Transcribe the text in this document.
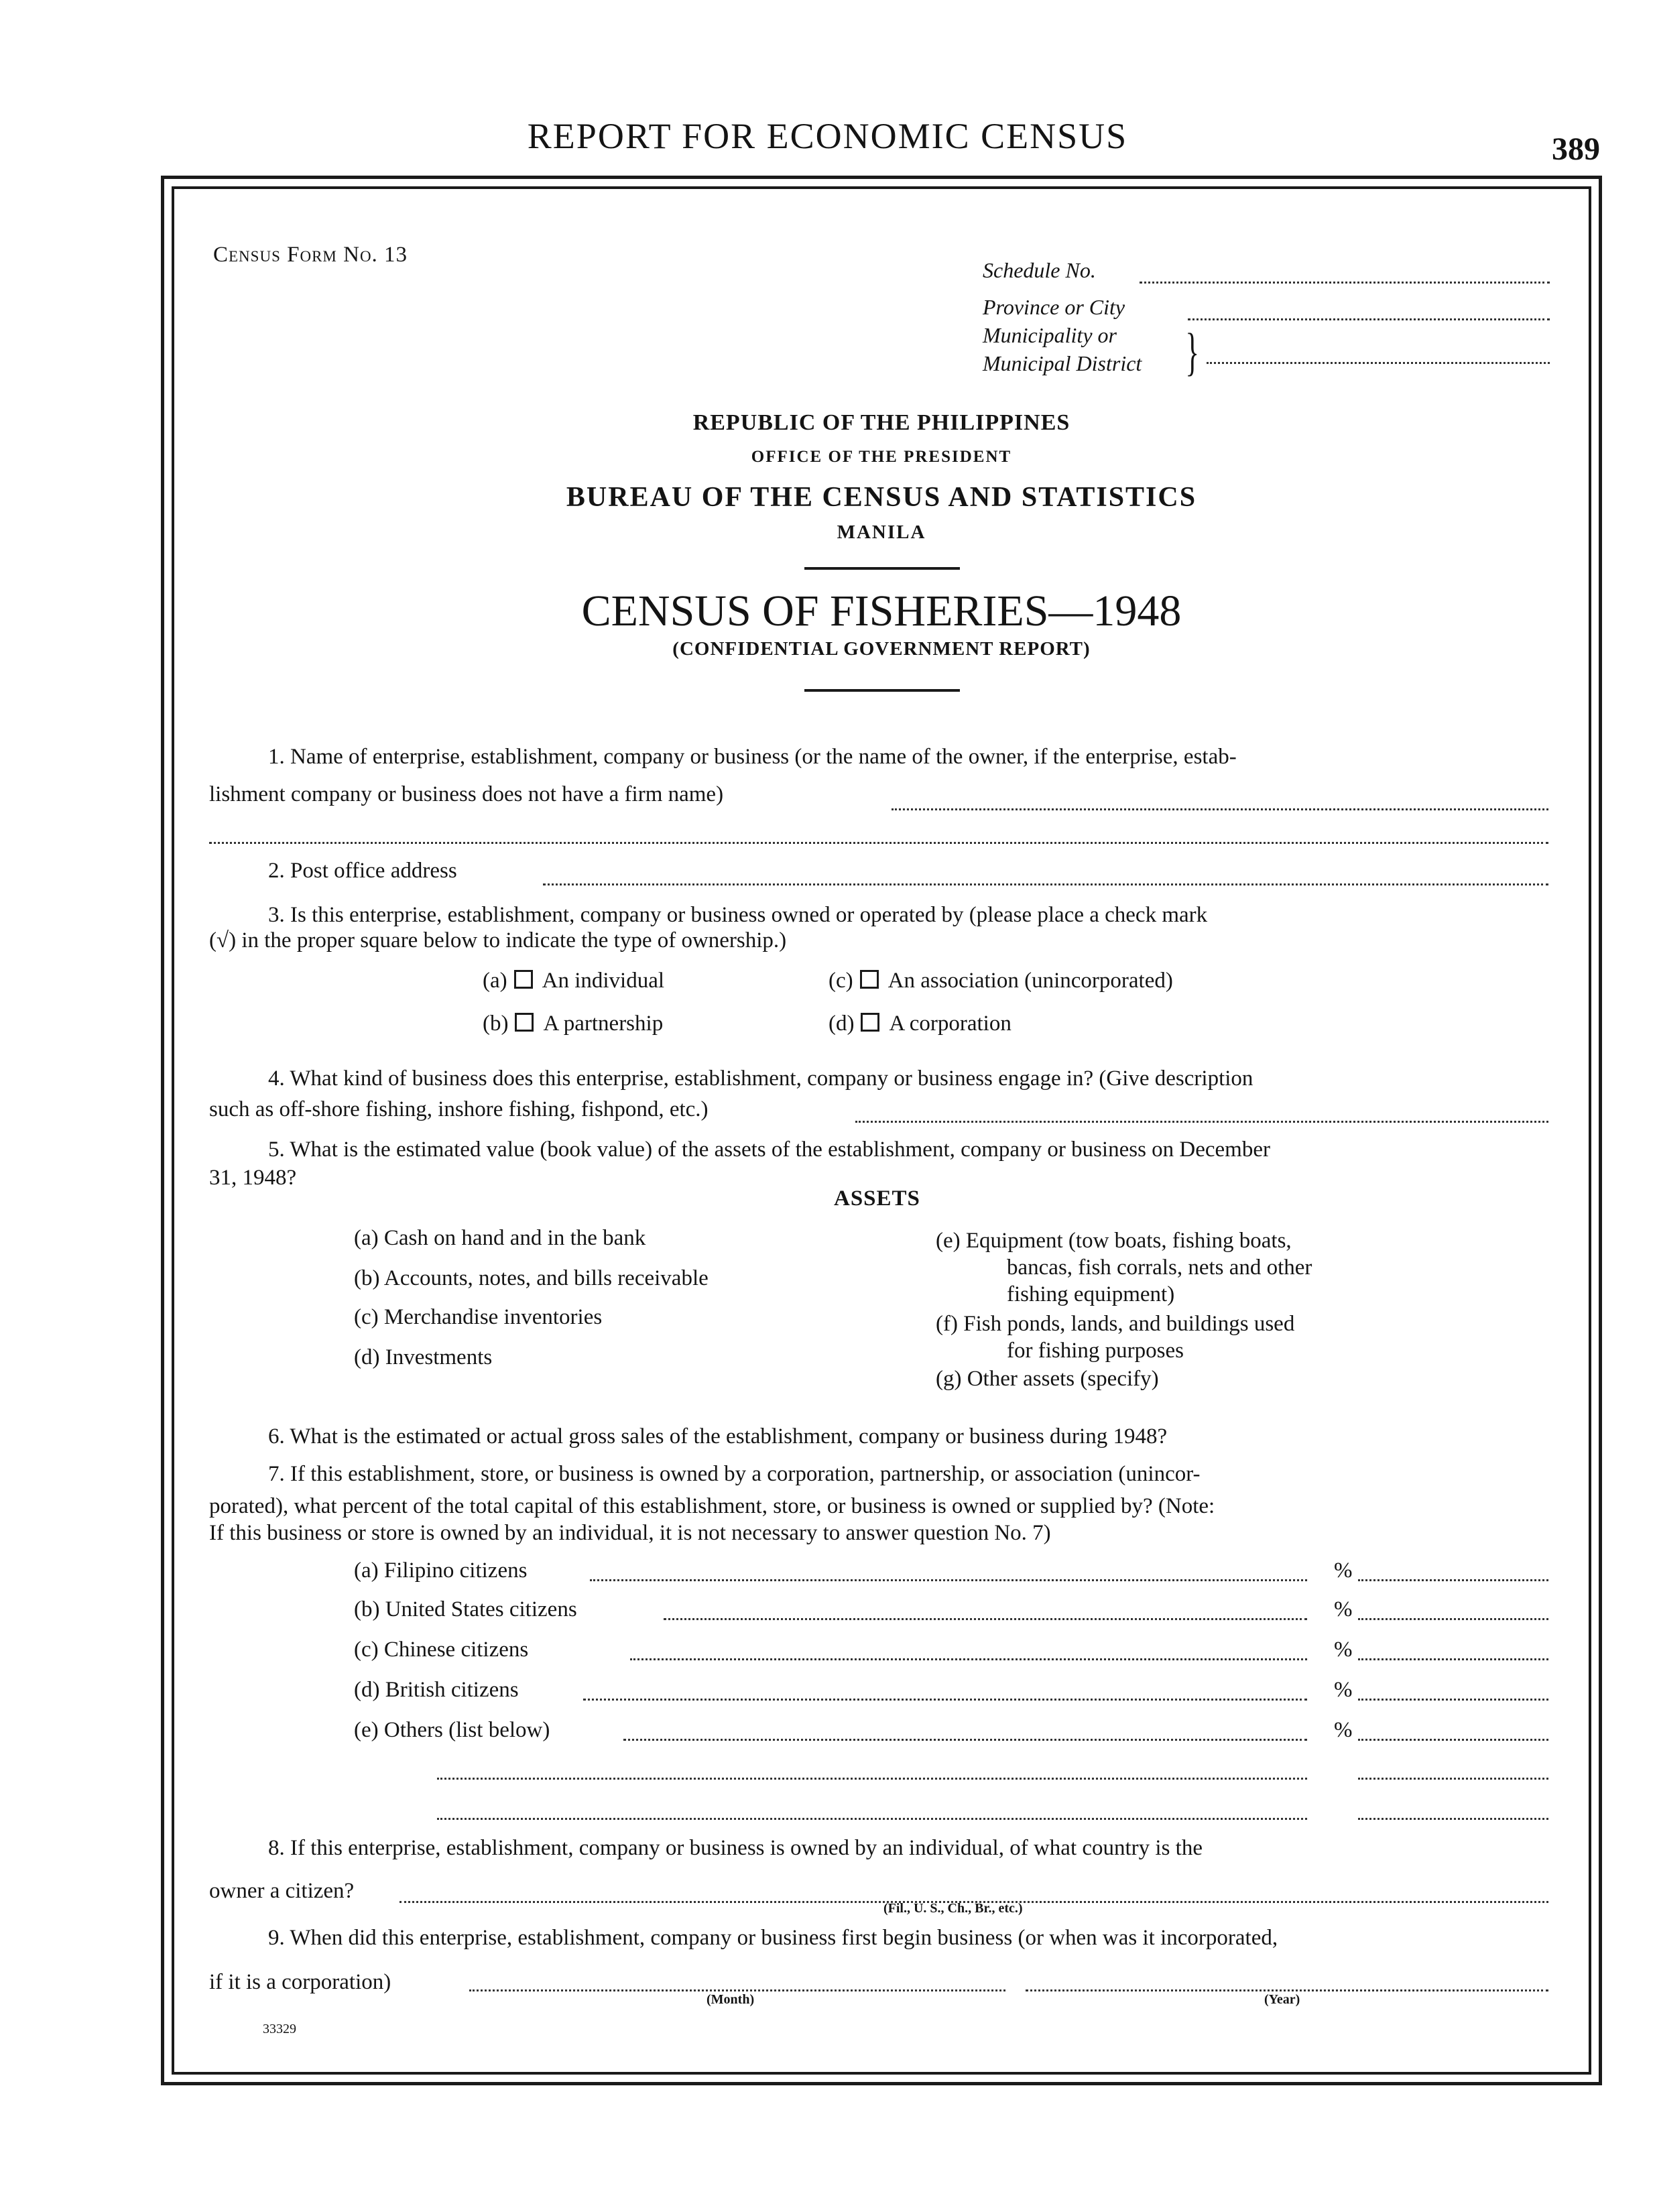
REPORT FOR ECONOMIC CENSUS	389
Census Form No. 13
Schedule No.
Province or City
Municipality or
Municipal District }
REPUBLIC OF THE PHILIPPINES
OFFICE OF THE PRESIDENT
BUREAU OF THE CENSUS AND STATISTICS
MANILA
CENSUS OF FISHERIES—1948
(CONFIDENTIAL GOVERNMENT REPORT)
1. Name of enterprise, establishment, company or business (or the name of the owner, if the enterprise, estab-
lishment company or business does not have a firm name)
2. Post office address
3. Is this enterprise, establishment, company or business owned or operated by (please place a check mark
(√) in the proper square below to indicate the type of ownership.)
(a) An individual	(c) An association (unincorporated)
(b) A partnership	(d) A corporation
4. What kind of business does this enterprise, establishment, company or business engage in? (Give description
such as off-shore fishing, inshore fishing, fishpond, etc.)
5. What is the estimated value (book value) of the assets of the establishment, company or business on December
31, 1948?
ASSETS
(a) Cash on hand and in the bank
(b) Accounts, notes, and bills receivable
(c) Merchandise inventories
(d) Investments
(e) Equipment (tow boats, fishing boats,
bancas, fish corrals, nets and other
fishing equipment)
(f) Fish ponds, lands, and buildings used
for fishing purposes
(g) Other assets (specify)
6. What is the estimated or actual gross sales of the establishment, company or business during 1948?
7. If this establishment, store, or business is owned by a corporation, partnership, or association (unincor-
porated), what percent of the total capital of this establishment, store, or business is owned or supplied by? (Note:
If this business or store is owned by an individual, it is not necessary to answer question No. 7)
(a) Filipino citizens	%
(b) United States citizens	%
(c) Chinese citizens	%
(d) British citizens	%
(e) Others (list below)	%
8. If this enterprise, establishment, company or business is owned by an individual, of what country is the
owner a citizen?
(Fil., U. S., Ch., Br., etc.)
9. When did this enterprise, establishment, company or business first begin business (or when was it incorporated,
if it is a corporation)
(Month)	(Year)
33329
